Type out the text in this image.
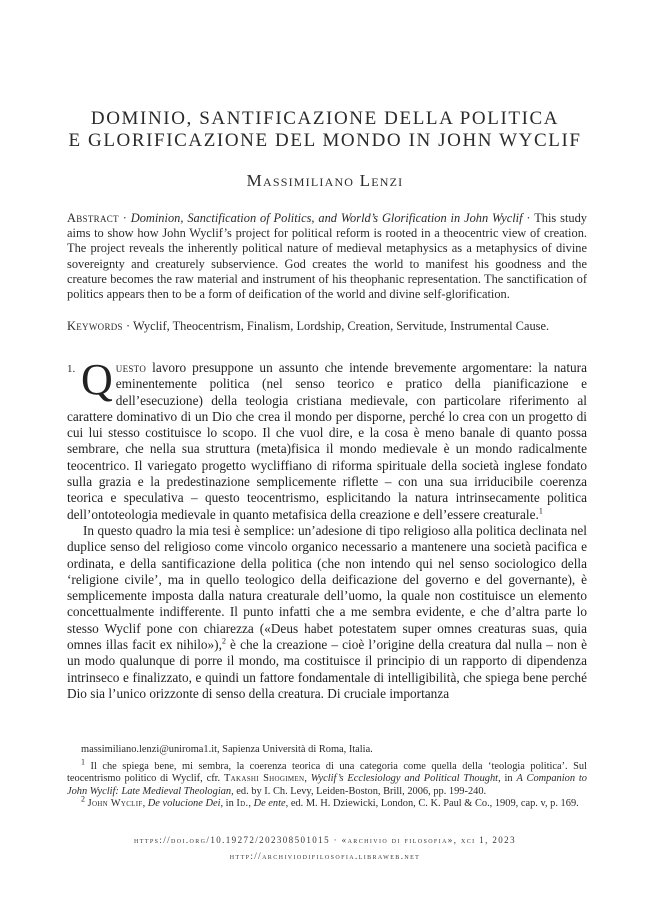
DOMINIO, SANTIFICAZIONE DELLA POLITICA
E GLORIFICAZIONE DEL MONDO IN JOHN WYCLIF
Massimiliano Lenzi
Abstract · Dominion, Sanctification of Politics, and World’s Glorification in John Wyclif · This study aims to show how John Wyclif’s project for political reform is rooted in a theocentric view of creation. The project reveals the inherently political nature of medieval metaphysics as a metaphysics of divine sovereignty and creaturely subservience. God creates the world to manifest his goodness and the creature becomes the raw material and instrument of his theophanic representation. The sanctification of politics appears then to be a form of deification of the world and divine self-glorification.
Keywords · Wyclif, Theocentrism, Finalism, Lordship, Creation, Servitude, Instrumental Cause.
1. Questo lavoro presuppone un assunto che intende brevemente argomentare: la natura eminentemente politica (nel senso teorico e pratico della pianificazione e dell’esecuzione) della teologia cristiana medievale, con particolare riferimento al carattere dominativo di un Dio che crea il mondo per disporne, perché lo crea con un progetto di cui lui stesso costituisce lo scopo. Il che vuol dire, e la cosa è meno banale di quanto possa sembrare, che nella sua struttura (meta)fisica il mondo medievale è un mondo radicalmente teocentrico. Il variegato progetto wycliffiano di riforma spirituale della società inglese fondato sulla grazia e la predestinazione semplicemente riflette – con una sua irriducibile coerenza teorica e speculativa – questo teocentrismo, esplicitando la natura intrinsecamente politica dell’ontoteologia medievale in quanto metafisica della creazione e dell’essere creaturale.$^1$

In questo quadro la mia tesi è semplice: un’adesione di tipo religioso alla politica declinata nel duplice senso del religioso come vincolo organico necessario a mantenere una società pacifica e ordinata, e della santificazione della politica (che non intendo qui nel senso sociologico della ‘religione civile’, ma in quello teologico della deificazione del governo e del governante), è semplicemente imposta dalla natura creaturale dell’uomo, la quale non costituisce un elemento concettualmente indifferente. Il punto infatti che a me sembra evidente, e che d’altra parte lo stesso Wyclif pone con chiarezza («Deus habet potestatem super omnes creaturas suas, quia omnes illas facit ex nihilo»),$^2$ è che la creazione – cioè l’origine della creatura dal nulla – non è un modo qualunque di porre il mondo, ma costituisce il principio di un rapporto di dipendenza intrinseco e finalizzato, e quindi un fattore fondamentale di intelligibilità, che spiega bene perché Dio sia l’unico orizzonte di senso della creatura. Di cruciale importanza

massimiliano.lenzi@uniroma1.it, Sapienza Università di Roma, Italia.

$^1$ Il che spiega bene, mi sembra, la coerenza teorica di una categoria come quella della ‘teologia politica’. Sul teocentrismo politico di Wyclif, cfr. Takashi Shogimen, Wyclif’s Ecclesiology and Political Thought, in A Companion to John Wyclif: Late Medieval Theologian, ed. by I. Ch. Levy, Leiden-Boston, Brill, 2006, pp. 199-240.

$^2$ John Wyclif, De volucione Dei, in Id., De ente, ed. M. H. Dziewicki, London, C. K. Paul & Co., 1909, cap. v, p. 169.

https://doi.org/10.19272/202308501015 · «archivio di filosofia», xci 1, 2023
http://archiviodifilosofia.libraweb.net
